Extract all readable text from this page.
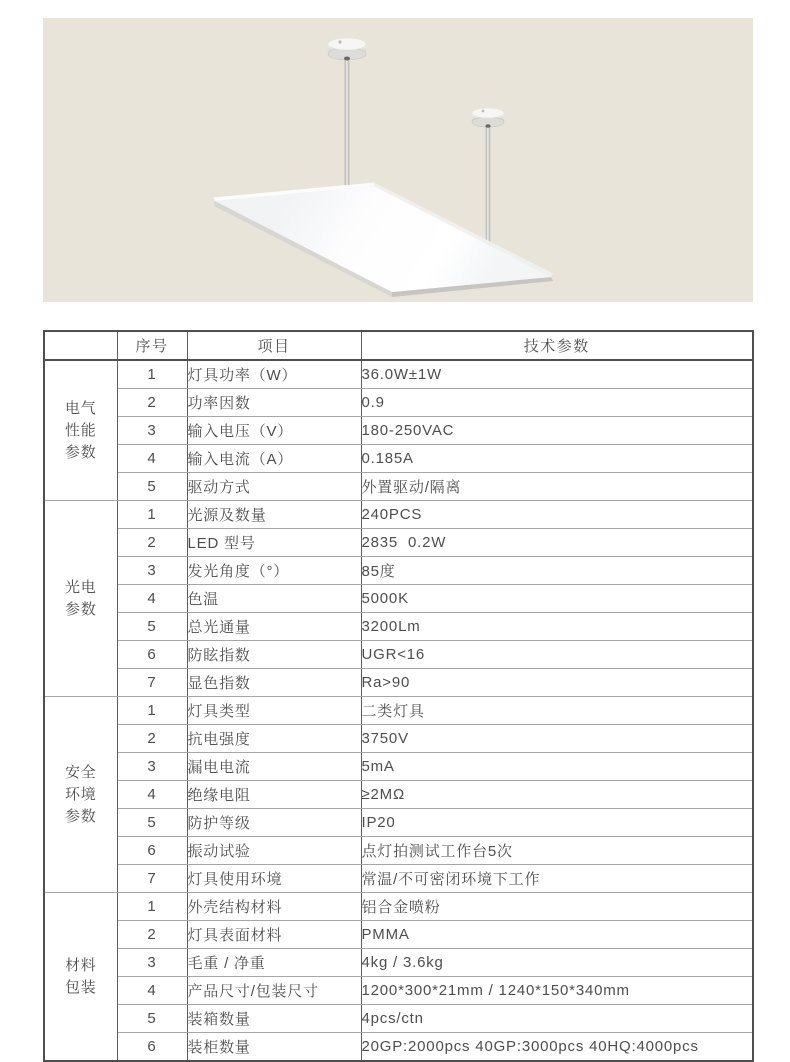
	序号	项目	技术参数

电气
性能
参数	1	灯具功率（W）	36.0W±1W
	2	功率因数	0.9
	3	输入电压（V）	180-250VAC
	4	输入电流（A）	0.185A
	5	驱动方式	外置驱动/隔离

光电
参数	1	光源及数量	240PCS
	2	LED 型号	2835  0.2W
	3	发光角度（°）	85度
	4	色温	5000K
	5	总光通量	3200Lm
	6	防眩指数	UGR<16
	7	显色指数	Ra>90

安全
环境
参数	1	灯具类型	二类灯具
	2	抗电强度	3750V
	3	漏电电流	5mA
	4	绝缘电阻	≥2MΩ
	5	防护等级	IP20
	6	振动试验	点灯拍测试工作台5次
	7	灯具使用环境	常温/不可密闭环境下工作

材料
包装	1	外壳结构材料	铝合金喷粉
	2	灯具表面材料	PMMA
	3	毛重 / 净重	4kg / 3.6kg
	4	产品尺寸/包装尺寸	1200*300*21mm / 1240*150*340mm
	5	装箱数量	4pcs/ctn
	6	装柜数量	20GP:2000pcs 40GP:3000pcs 40HQ:4000pcs
